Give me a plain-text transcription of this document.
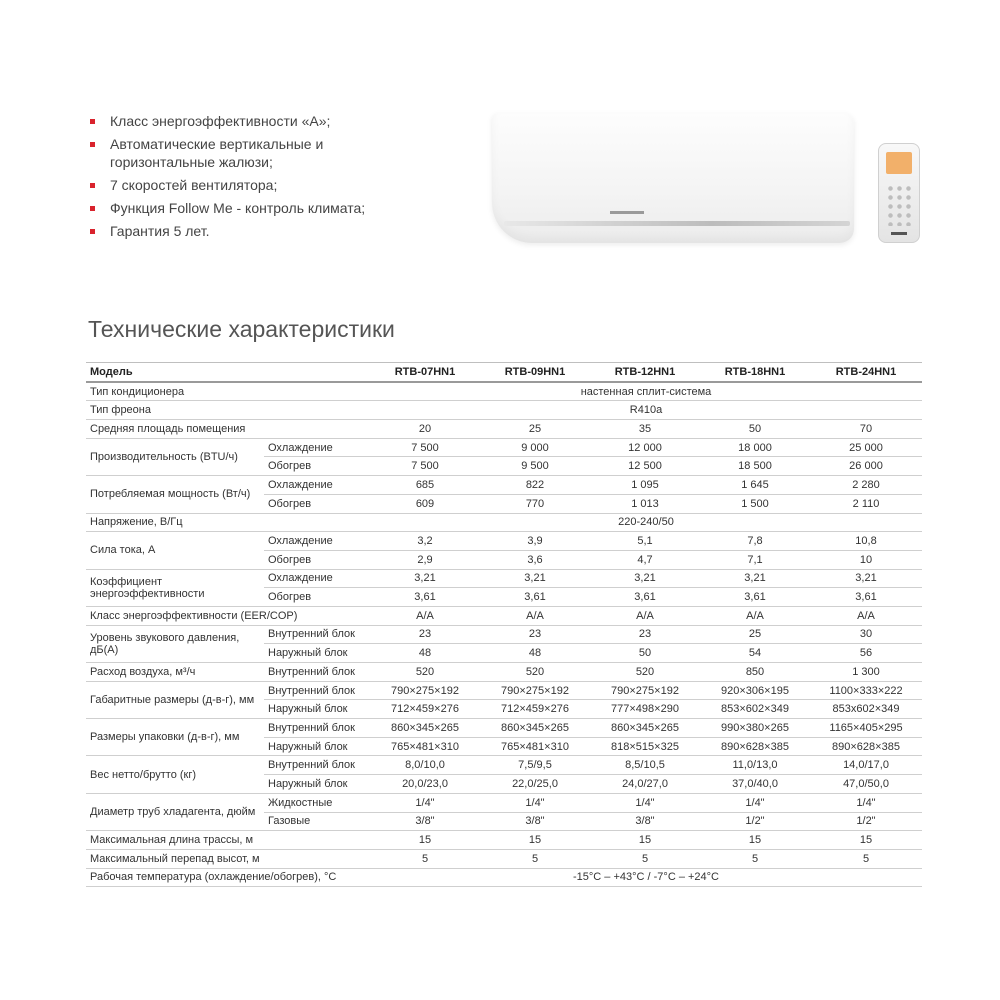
Класс энергоэффективности «А»;
Автоматические вертикальные и горизонтальные жалюзи;
7 скоростей вентилятора;
Функция Follow Me - контроль климата;
Гарантия 5 лет.
Технические характеристики
Модель		RTB-07HN1	RTB-09HN1	RTB-12HN1	RTB-18HN1	RTB-24HN1
Тип кондиционера		настенная сплит-система				
Тип фреона		R410a				
Средняя площадь помещения		20	25	35	50	70
Производительность (BTU/ч)	Охлаждение	7 500	9 000	12 000	18 000	25 000
	Обогрев	7 500	9 500	12 500	18 500	26 000
Потребляемая мощность (Вт/ч)	Охлаждение	685	822	1 095	1 645	2 280
	Обогрев	609	770	1 013	1 500	2 110
Напряжение, В/Гц		220-240/50				
Сила тока, А	Охлаждение	3,2	3,9	5,1	7,8	10,8
	Обогрев	2,9	3,6	4,7	7,1	10
Коэффициент энергоэффективности	Охлаждение	3,21	3,21	3,21	3,21	3,21
	Обогрев	3,61	3,61	3,61	3,61	3,61
Класс энергоэффективности (EER/COP)		A/A	A/A	A/A	A/A	A/A
Уровень звукового давления, дБ(А)	Внутренний блок	23	23	23	25	30
	Наружный блок	48	48	50	54	56
Расход воздуха, м³/ч	Внутренний блок	520	520	520	850	1 300
Габаритные размеры (д-в-г), мм	Внутренний блок	790×275×192	790×275×192	790×275×192	920×306×195	1100×333×222
	Наружный блок	712×459×276	712×459×276	777×498×290	853×602×349	853x602×349
Размеры упаковки (д-в-г), мм	Внутренний блок	860×345×265	860×345×265	860×345×265	990×380×265	1165×405×295
	Наружный блок	765×481×310	765×481×310	818×515×325	890×628×385	890×628×385
Вес нетто/брутто (кг)	Внутренний блок	8,0/10,0	7,5/9,5	8,5/10,5	11,0/13,0	14,0/17,0
	Наружный блок	20,0/23,0	22,0/25,0	24,0/27,0	37,0/40,0	47,0/50,0
Диаметр труб хладагента, дюйм	Жидкостные	1/4"	1/4"	1/4"	1/4"	1/4"
	Газовые	3/8"	3/8"	3/8"	1/2"	1/2"
Максимальная длина трассы, м		15	15	15	15	15
Максимальный перепад высот, м		5	5	5	5	5
Рабочая температура (охлаждение/обогрев), °С		-15°С – +43°С / -7°С – +24°С				
